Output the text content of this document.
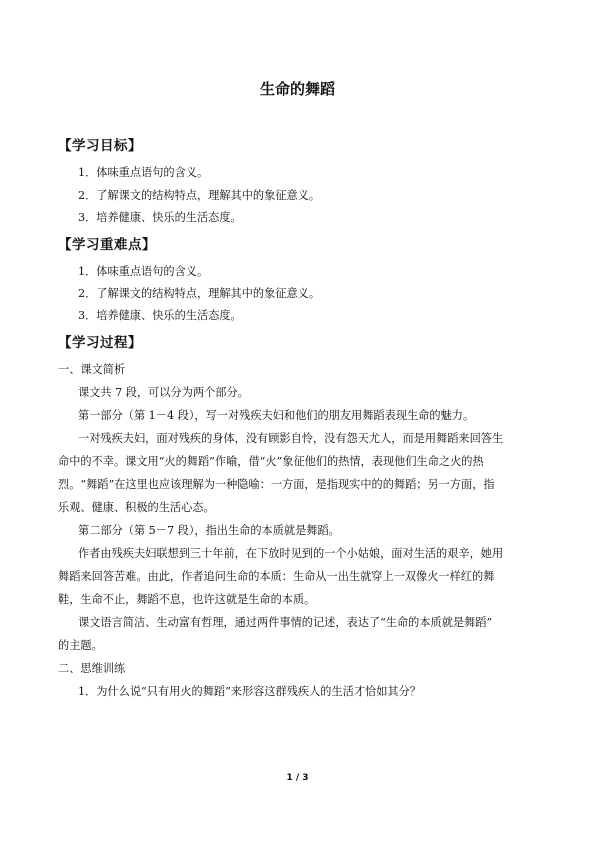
生命的舞蹈
【学习目标】
1．体味重点语句的含义。
2．了解课文的结构特点，理解其中的象征意义。
3．培养健康、快乐的生活态度。
【学习重难点】
1．体味重点语句的含义。
2．了解课文的结构特点，理解其中的象征意义。
3．培养健康、快乐的生活态度。
【学习过程】
一、课文简析
课文共 7 段，可以分为两个部分。
第一部分（第 1－4 段），写一对残疾夫妇和他们的朋友用舞蹈表现生命的魅力。
一对残疾夫妇，面对残疾的身体，没有顾影自怜，没有怨天尤人，而是用舞蹈来回答生
命中的不幸。课文用“火的舞蹈”作喻，借“火”象征他们的热情，表现他们生命之火的热
烈。“舞蹈”在这里也应该理解为一种隐喻：一方面，是指现实中的的舞蹈；另一方面，指
乐观、健康、积极的生活心态。
第二部分（第 5－7 段），指出生命的本质就是舞蹈。
作者由残疾夫妇联想到三十年前，在下放时见到的一个小姑娘，面对生活的艰辛，她用
舞蹈来回答苦难。由此，作者追问生命的本质：生命从一出生就穿上一双像火一样红的舞
鞋，生命不止，舞蹈不息，也许这就是生命的本质。
课文语言简洁、生动富有哲理，通过两件事情的记述，表达了“生命的本质就是舞蹈”
的主题。
二、思维训练
1．为什么说“只有用火的舞蹈”来形容这群残疾人的生活才恰如其分？
1 / 3
